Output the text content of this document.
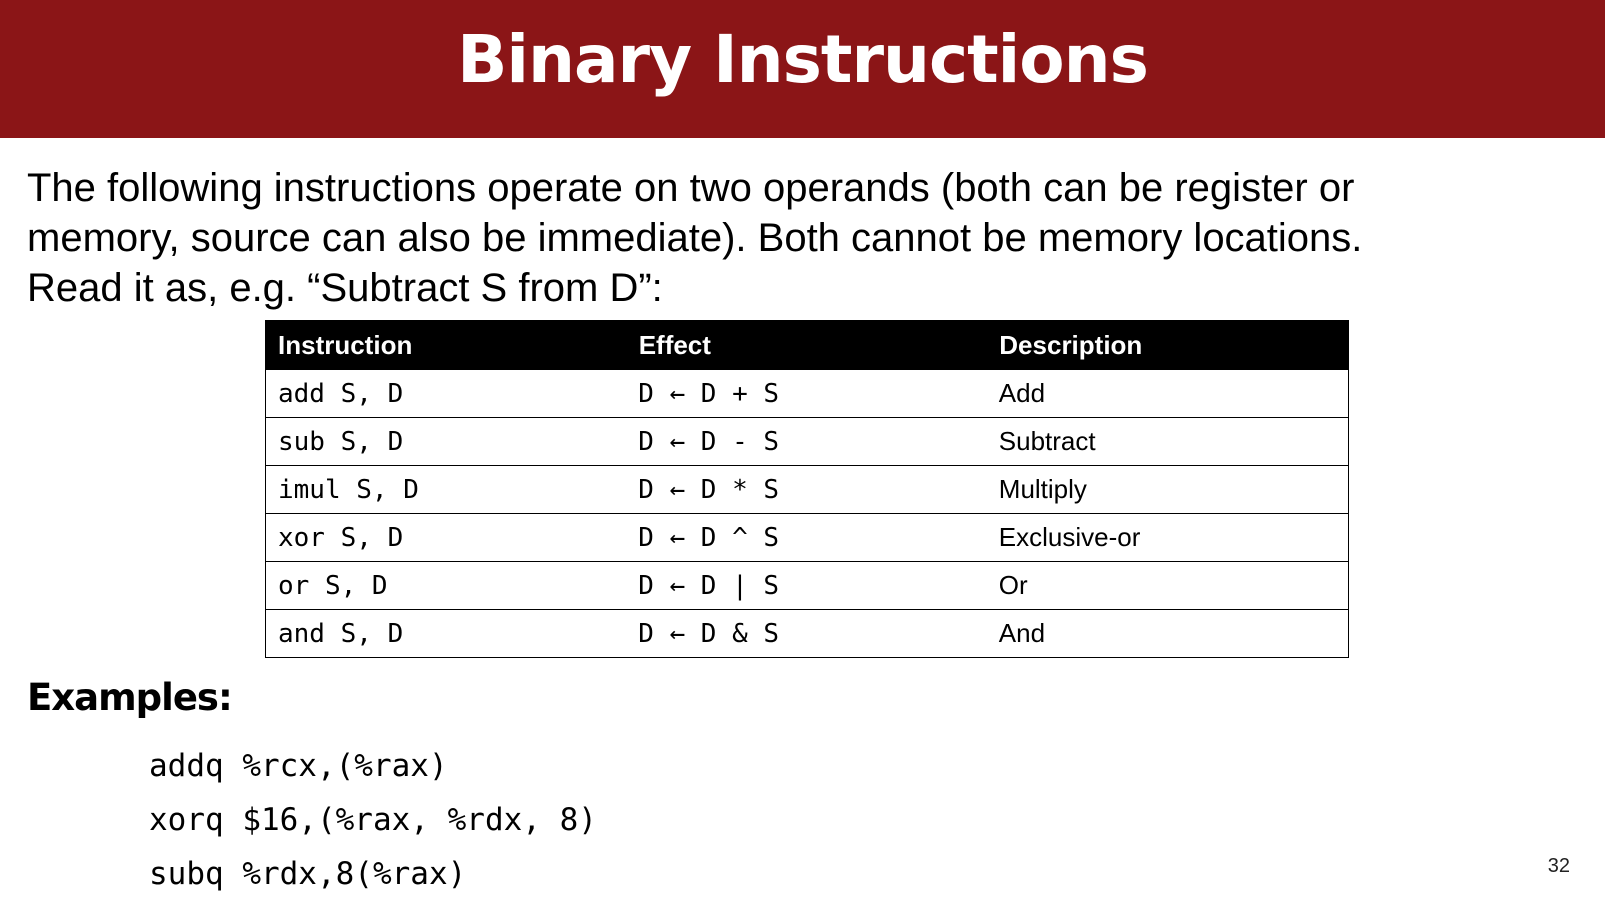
Binary Instructions

The following instructions operate on two operands (both can be register or
memory, source can also be immediate). Both cannot be memory locations.
Read it as, e.g. “Subtract S from D”:

Instruction	Effect	Description
add S, D	D ← D + S	Add
sub S, D	D ← D - S	Subtract
imul S, D	D ← D * S	Multiply
xor S, D	D ← D ^ S	Exclusive-or
or S, D	D ← D | S	Or
and S, D	D ← D & S	And
Examples:
addq %rcx,(%rax)
xorq $16,(%rax, %rdx, 8)
subq %rdx,8(%rax)	32
